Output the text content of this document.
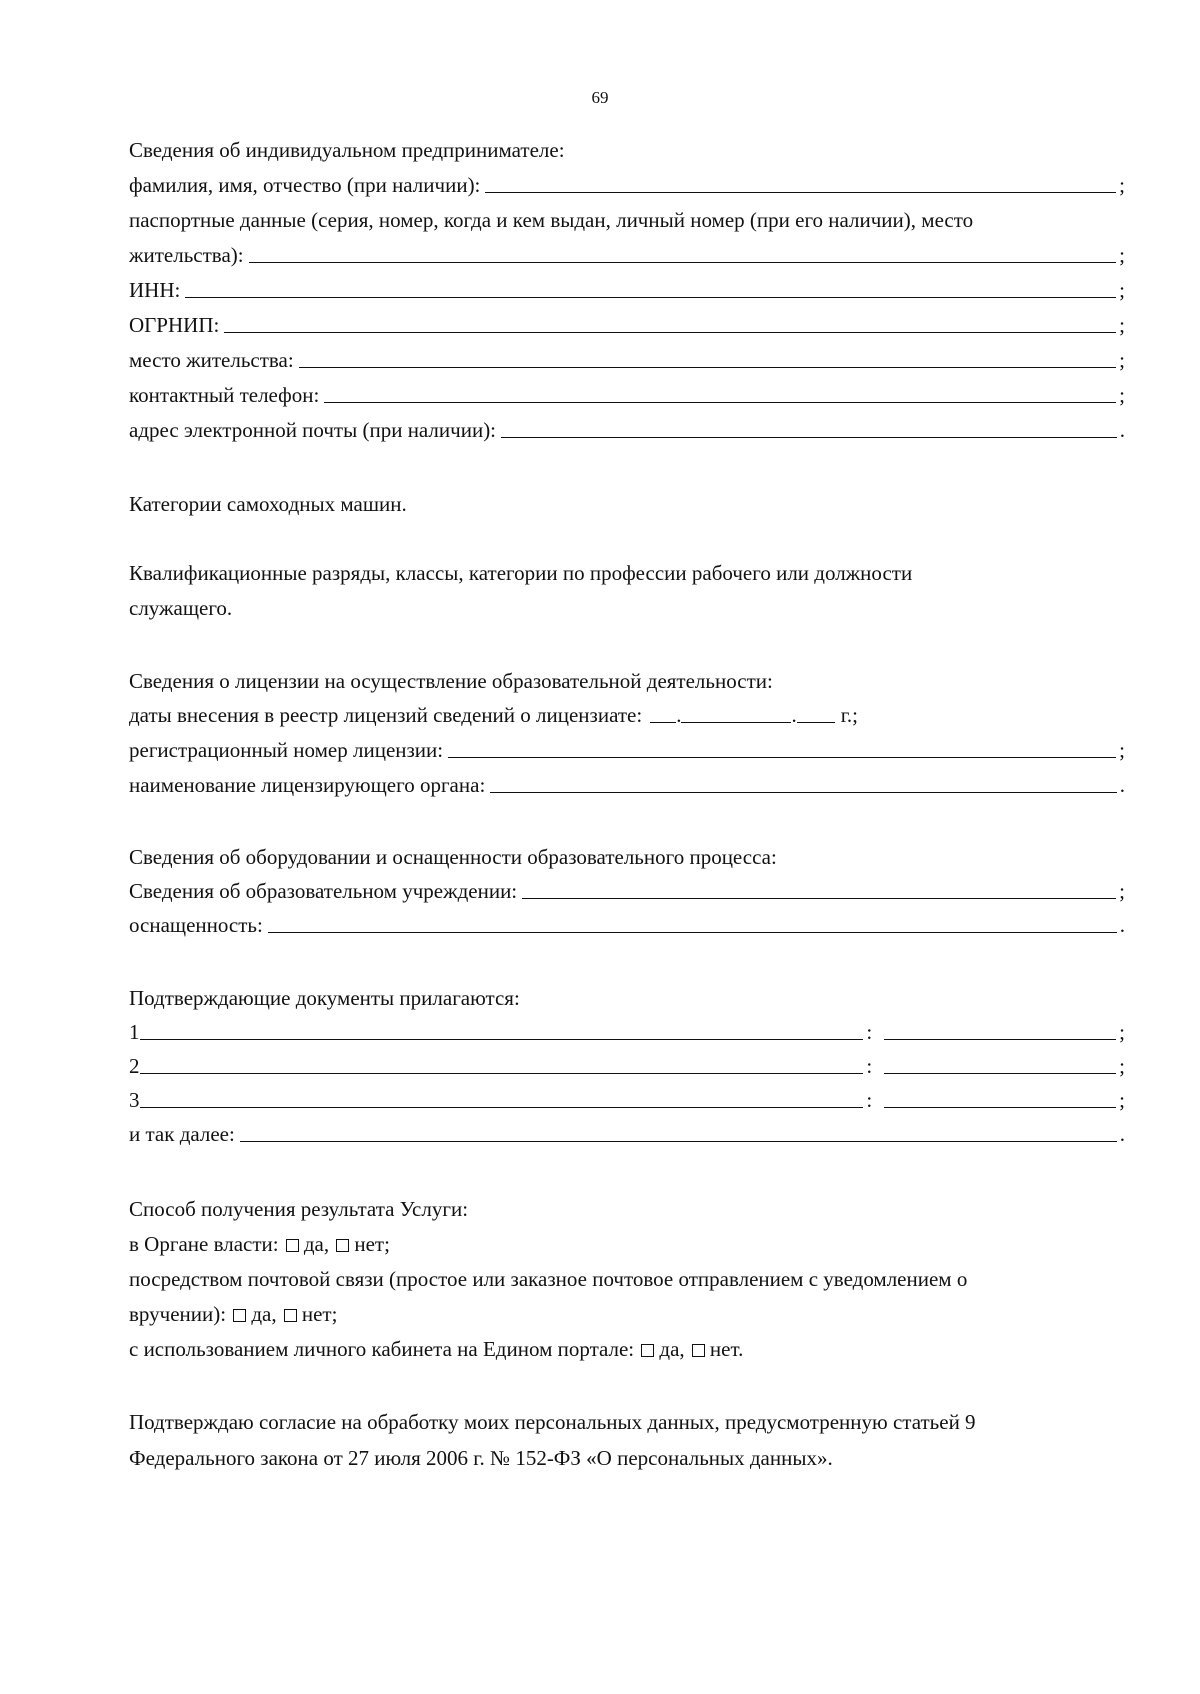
69
Сведения об индивидуальном предпринимателе:
фамилия, имя, отчество (при наличии):	;
паспортные данные (серия, номер, когда и кем выдан, личный номер (при его наличии), место
жительства):	;
ИНН:	;
ОГРНИП:	;
место жительства:	;
контактный телефон:	;
адрес электронной почты (при наличии):	.
Категории самоходных машин.
Квалификационные разряды, классы, категории по профессии рабочего или должности
служащего.
Сведения о лицензии на осуществление образовательной деятельности:
даты внесения в реестр лицензий сведений о лицензиате: .	. г.;
регистрационный номер лицензии:	;
наименование лицензирующего органа:	.
Сведения об оборудовании и оснащенности образовательного процесса:
Сведения об образовательном учреждении:	;
оснащенность:	.
Подтверждающие документы прилагаются:
1	:	;
2	:	;
3	:	;
и так далее:	.
Способ получения результата Услуги:
в Органе власти: да, нет;
посредством почтовой связи (простое или заказное почтовое отправлением с уведомлением о
вручении): да, нет;
с использованием личного кабинета на Едином портале: да, нет.
Подтверждаю согласие на обработку моих персональных данных, предусмотренную статьей 9
Федерального закона от 27 июля 2006 г. № 152-ФЗ «О персональных данных».
